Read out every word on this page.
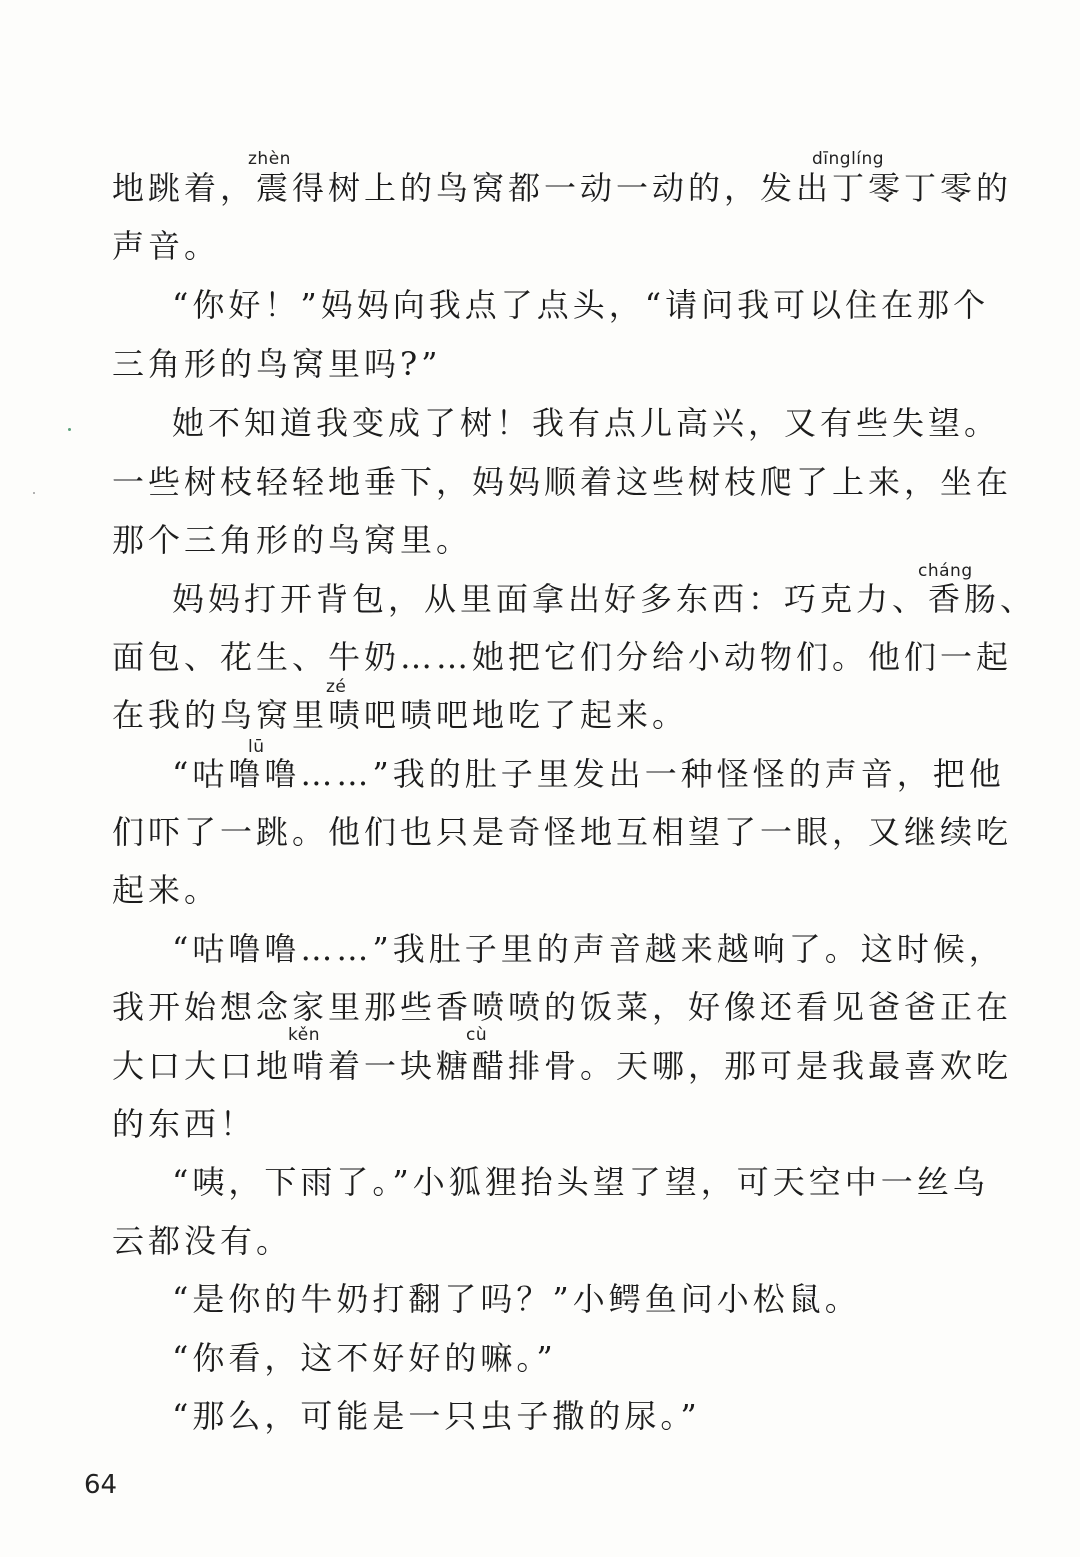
zhèn	dīnglíng
cháng
zé
lū
kěn	cù
地跳着，震得树上的鸟窝都一动一动的，发出丁零丁零的
声音。
“你好！”妈妈向我点了点头，“请问我可以住在那个
三角形的鸟窝里吗?”
她不知道我变成了树！我有点儿高兴，又有些失望。
一些树枝轻轻地垂下，妈妈顺着这些树枝爬了上来，坐在
那个三角形的鸟窝里。
妈妈打开背包，从里面拿出好多东西：巧克力、香肠、
面包、花生、牛奶……她把它们分给小动物们。他们一起
在我的鸟窝里啧吧啧吧地吃了起来。
“咕噜噜……”我的肚子里发出一种怪怪的声音，把他
们吓了一跳。他们也只是奇怪地互相望了一眼，又继续吃
起来。
“咕噜噜……”我肚子里的声音越来越响了。这时候，
我开始想念家里那些香喷喷的饭菜，好像还看见爸爸正在
大口大口地啃着一块糖醋排骨。天哪，那可是我最喜欢吃
的东西！
“咦，下雨了。”小狐狸抬头望了望，可天空中一丝乌
云都没有。
“是你的牛奶打翻了吗？”小鳄鱼问小松鼠。
“你看，这不好好的嘛。”
“那么，可能是一只虫子撒的尿。”
64
